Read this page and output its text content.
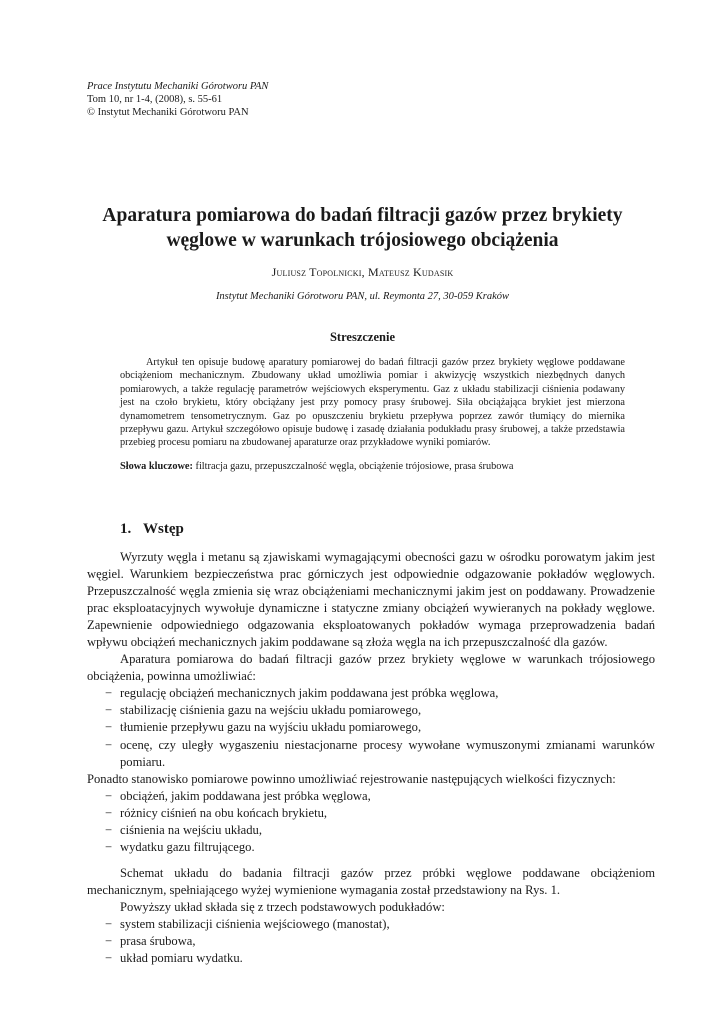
Prace Instytutu Mechaniki Górotworu PAN
Tom 10, nr 1-4, (2008), s. 55-61
© Instytut Mechaniki Górotworu PAN
Aparatura pomiarowa do badań filtracji gazów przez brykiety
węglowe w warunkach trójosiowego obciążenia
Juliusz Topolnicki, Mateusz Kudasik
Instytut Mechaniki Górotworu PAN, ul. Reymonta 27, 30-059 Kraków
Streszczenie

Artykuł ten opisuje budowę aparatury pomiarowej do badań filtracji gazów przez brykiety węglowe poddawane obciążeniom mechanicznym. Zbudowany układ umożliwia pomiar i akwizycję wszystkich niezbędnych danych pomiarowych, a także regulację parametrów wejściowych eksperymentu. Gaz z układu stabilizacji ciśnienia podawany jest na czoło brykietu, który obciążany jest przy pomocy prasy śrubowej. Siła obciążająca brykiet jest mierzona dynamometrem tensometrycznym. Gaz po opuszczeniu brykietu przepływa poprzez zawór tłumiący do miernika przepływu gazu. Artykuł szczegółowo opisuje budowę i zasadę działania podukładu prasy śrubowej, a także przedstawia przebieg procesu pomiaru na zbudowanej aparaturze oraz przykładowe wyniki pomiarów.

Słowa kluczowe: filtracja gazu, przepuszczalność węgla, obciążenie trójosiowe, prasa śrubowa
1. Wstęp

Wyrzuty węgla i metanu są zjawiskami wymagającymi obecności gazu w ośrodku porowatym jakim jest węgiel. Warunkiem bezpieczeństwa prac górniczych jest odpowiednie odgazowanie pokładów węglowych. Przepuszczalność węgla zmienia się wraz obciążeniami mechanicznymi jakim jest on poddawany. Prowadzenie prac eksploatacyjnych wywołuje dynamiczne i statyczne zmiany obciążeń wywieranych na pokłady węglowe. Zapewnienie odpowiedniego odgazowania eksploatowanych pokładów wymaga przeprowadzenia badań wpływu obciążeń mechanicznych jakim poddawane są złoża węgla na ich przepuszczalność dla gazów.

Aparatura pomiarowa do badań filtracji gazów przez brykiety węglowe w warunkach trójosiowego obciążenia, powinna umożliwiać:

− regulację obciążeń mechanicznych jakim poddawana jest próbka węglowa,
− stabilizację ciśnienia gazu na wejściu układu pomiarowego,
− tłumienie przepływu gazu na wyjściu układu pomiarowego,
− ocenę, czy uległy wygaszeniu niestacjonarne procesy wywołane wymuszonymi zmianami warunków pomiaru.

Ponadto stanowisko pomiarowe powinno umożliwiać rejestrowanie następujących wielkości fizycznych:

− obciążeń, jakim poddawana jest próbka węglowa,
− różnicy ciśnień na obu końcach brykietu,
− ciśnienia na wejściu układu,
− wydatku gazu filtrującego.

Schemat układu do badania filtracji gazów przez próbki węglowe poddawane obciążeniom mechanicznym, spełniającego wyżej wymienione wymagania został przedstawiony na Rys. 1.

Powyższy układ składa się z trzech podstawowych podukładów:

− system stabilizacji ciśnienia wejściowego (manostat),
− prasa śrubowa,
− układ pomiaru wydatku.
